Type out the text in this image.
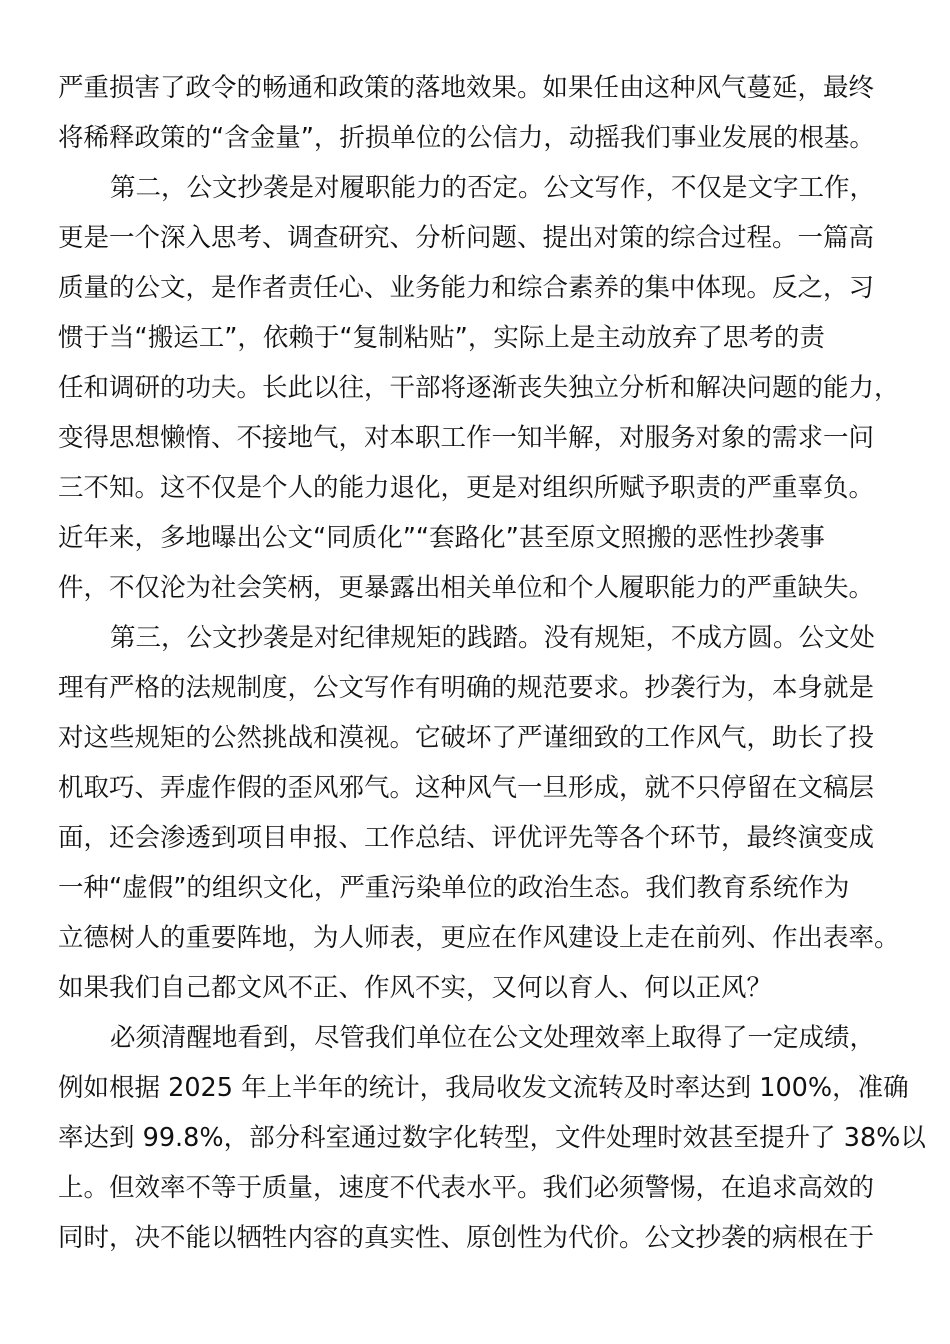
严重损害了政令的畅通和政策的落地效果。如果任由这种风气蔓延，最终
将稀释政策的“含金量”，折损单位的公信力，动摇我们事业发展的根基。
第二，公文抄袭是对履职能力的否定。公文写作，不仅是文字工作，
更是一个深入思考、调查研究、分析问题、提出对策的综合过程。一篇高
质量的公文，是作者责任心、业务能力和综合素养的集中体现。反之，习
惯于当“搬运工”，依赖于“复制粘贴”，实际上是主动放弃了思考的责
任和调研的功夫。长此以往，干部将逐渐丧失独立分析和解决问题的能力，
变得思想懒惰、不接地气，对本职工作一知半解，对服务对象的需求一问
三不知。这不仅是个人的能力退化，更是对组织所赋予职责的严重辜负。
近年来，多地曝出公文“同质化”“套路化”甚至原文照搬的恶性抄袭事
件，不仅沦为社会笑柄，更暴露出相关单位和个人履职能力的严重缺失。
第三，公文抄袭是对纪律规矩的践踏。没有规矩，不成方圆。公文处
理有严格的法规制度，公文写作有明确的规范要求。抄袭行为，本身就是
对这些规矩的公然挑战和漠视。它破坏了严谨细致的工作风气，助长了投
机取巧、弄虚作假的歪风邪气。这种风气一旦形成，就不只停留在文稿层
面，还会渗透到项目申报、工作总结、评优评先等各个环节，最终演变成
一种“虚假”的组织文化，严重污染单位的政治生态。我们教育系统作为
立德树人的重要阵地，为人师表，更应在作风建设上走在前列、作出表率。
如果我们自己都文风不正、作风不实，又何以育人、何以正风？
必须清醒地看到，尽管我们单位在公文处理效率上取得了一定成绩，
例如根据 2025 年上半年的统计，我局收发文流转及时率达到 100%，准确
率达到 99.8%，部分科室通过数字化转型，文件处理时效甚至提升了 38%以
上。但效率不等于质量，速度不代表水平。我们必须警惕，在追求高效的
同时，决不能以牺牲内容的真实性、原创性为代价。公文抄袭的病根在于
